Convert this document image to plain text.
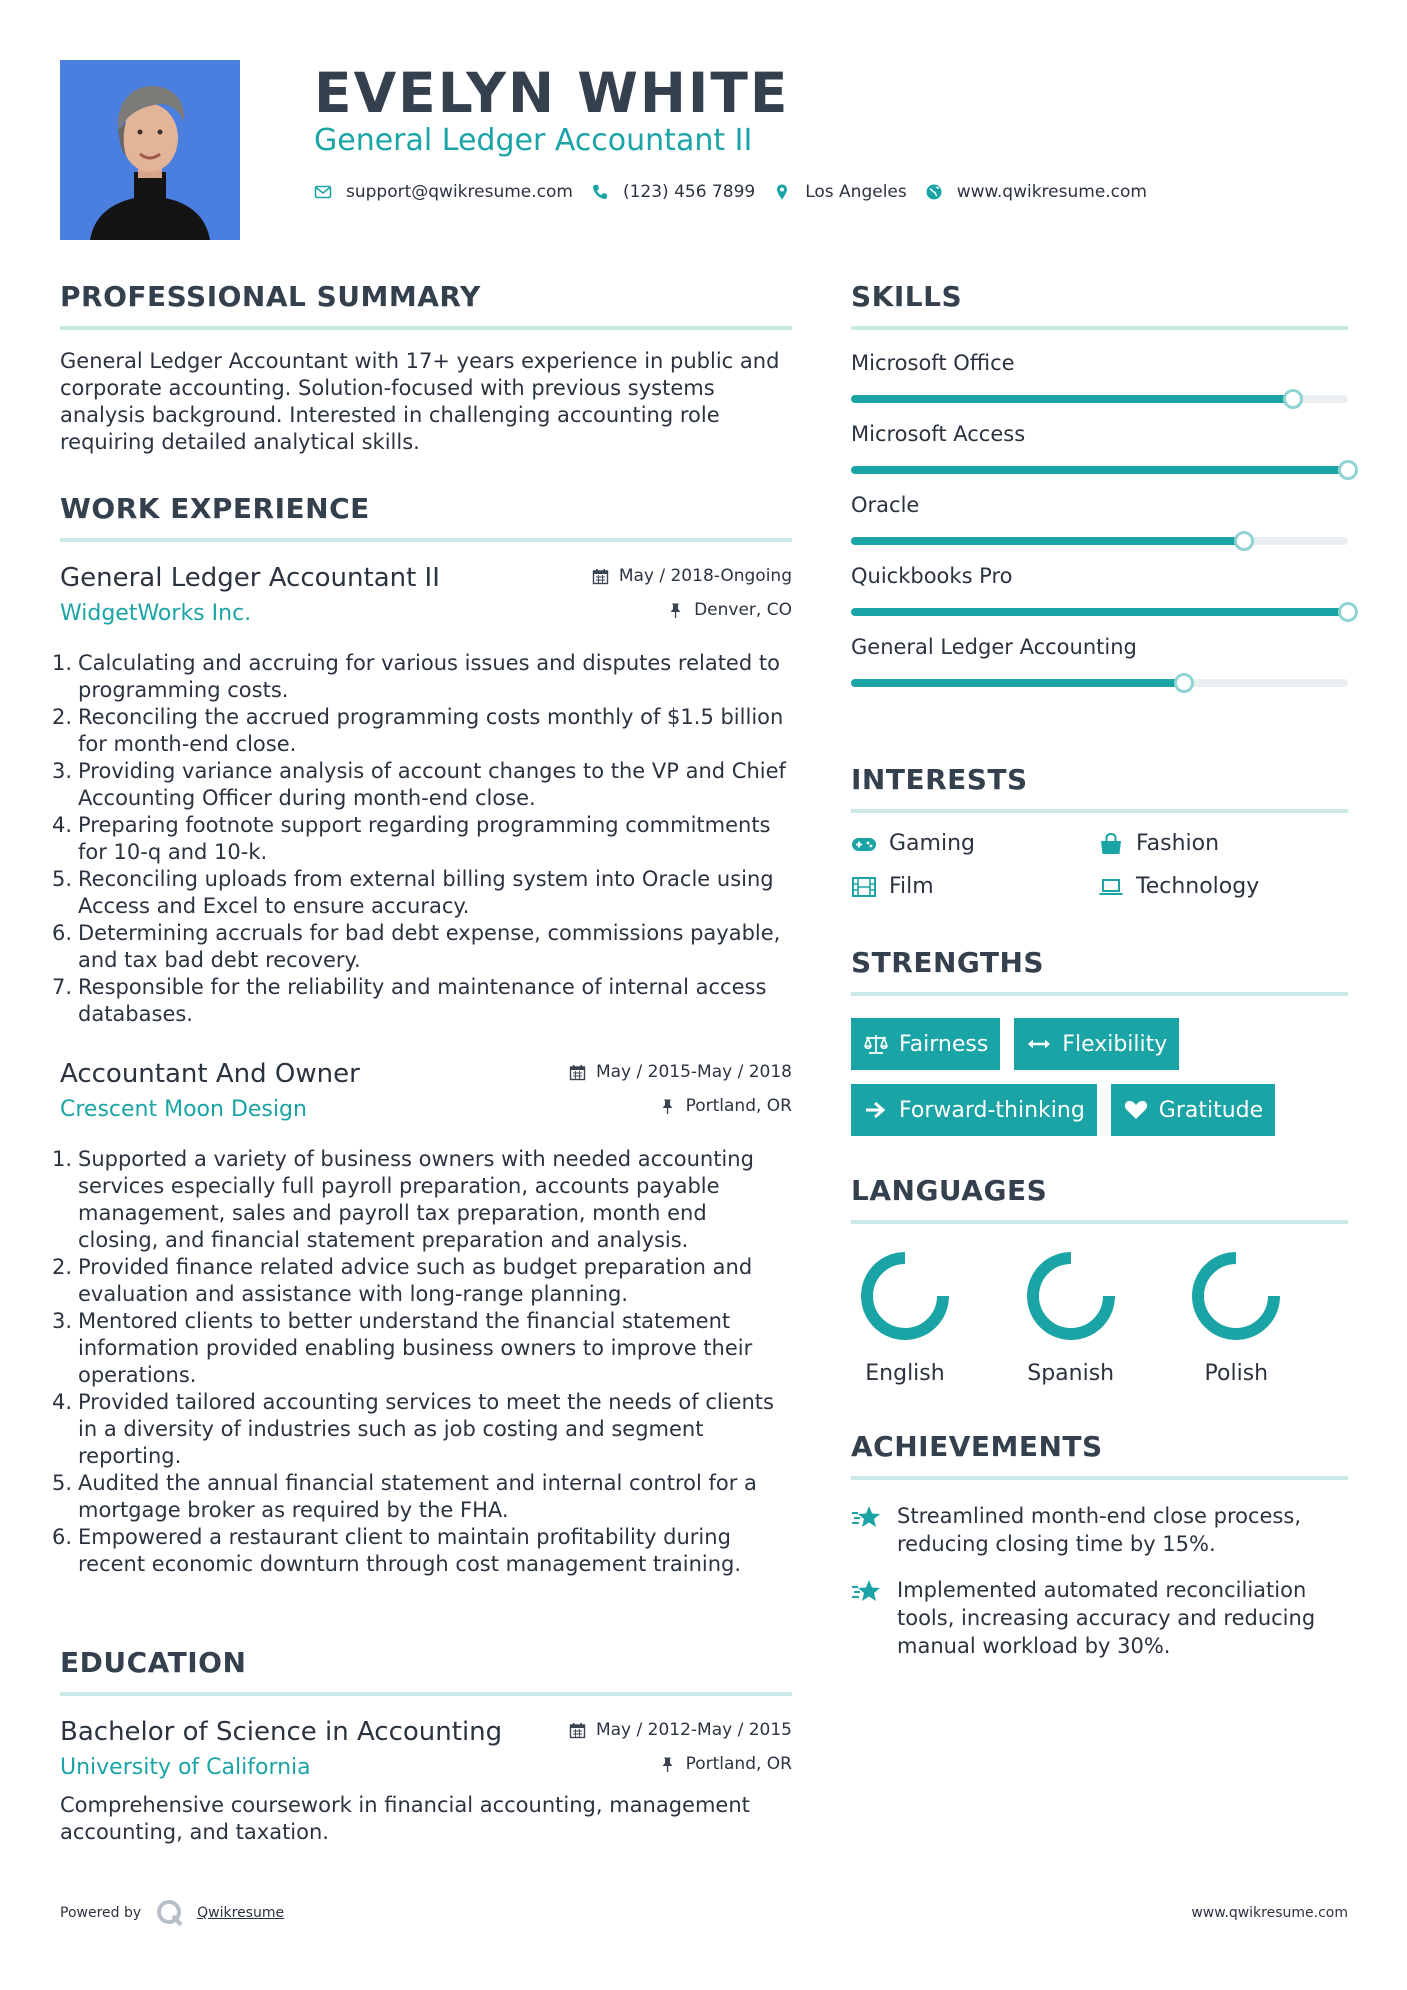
EVELYN WHITE
General Ledger Accountant II
support@qwikresume.com	(123) 456 7899	Los Angeles	www.qwikresume.com
PROFESSIONAL SUMMARY

General Ledger Accountant with 17+ years experience in public and corporate accounting. Solution-focused with previous systems analysis background. Interested in challenging accounting role requiring detailed analytical skills.

WORK EXPERIENCE
General Ledger Accountant II
WidgetWorks Inc.
May / 2018-Ongoing
Denver, CO
1. Calculating and accruing for various issues and disputes related to programming costs.
2. Reconciling the accrued programming costs monthly of $1.5 billion for month-end close.
3. Providing variance analysis of account changes to the VP and Chief Accounting Officer during month-end close.
4. Preparing footnote support regarding programming commitments for 10-q and 10-k.
5. Reconciling uploads from external billing system into Oracle using Access and Excel to ensure accuracy.
6. Determining accruals for bad debt expense, commissions payable, and tax bad debt recovery.
7. Responsible for the reliability and maintenance of internal access databases.
Accountant And Owner
Crescent Moon Design
May / 2015-May / 2018
Portland, OR
1. Supported a variety of business owners with needed accounting services especially full payroll preparation, accounts payable management, sales and payroll tax preparation, month end closing, and financial statement preparation and analysis.
2. Provided finance related advice such as budget preparation and evaluation and assistance with long-range planning.
3. Mentored clients to better understand the financial statement information provided enabling business owners to improve their operations.
4. Provided tailored accounting services to meet the needs of clients in a diversity of industries such as job costing and segment reporting.
5. Audited the annual financial statement and internal control for a mortgage broker as required by the FHA.
6. Empowered a restaurant client to maintain profitability during recent economic downturn through cost management training.
EDUCATION
Bachelor of Science in Accounting
University of California
May / 2012-May / 2015
Portland, OR

Comprehensive coursework in financial accounting, management accounting, and taxation.

SKILLS
Microsoft Office
Microsoft Access
Oracle
Quickbooks Pro
General Ledger Accounting
INTERESTS
Gaming	Fashion
Film	Technology
STRENGTHS
Fairness	Flexibility
Forward-thinking	Gratitude
LANGUAGES
English	Spanish	Polish
ACHIEVEMENTS
Streamlined month-end close process, reducing closing time by 15%.
Implemented automated reconciliation tools, increasing accuracy and reducing manual workload by 30%.
Powered by	Qwikresume	www.qwikresume.com
